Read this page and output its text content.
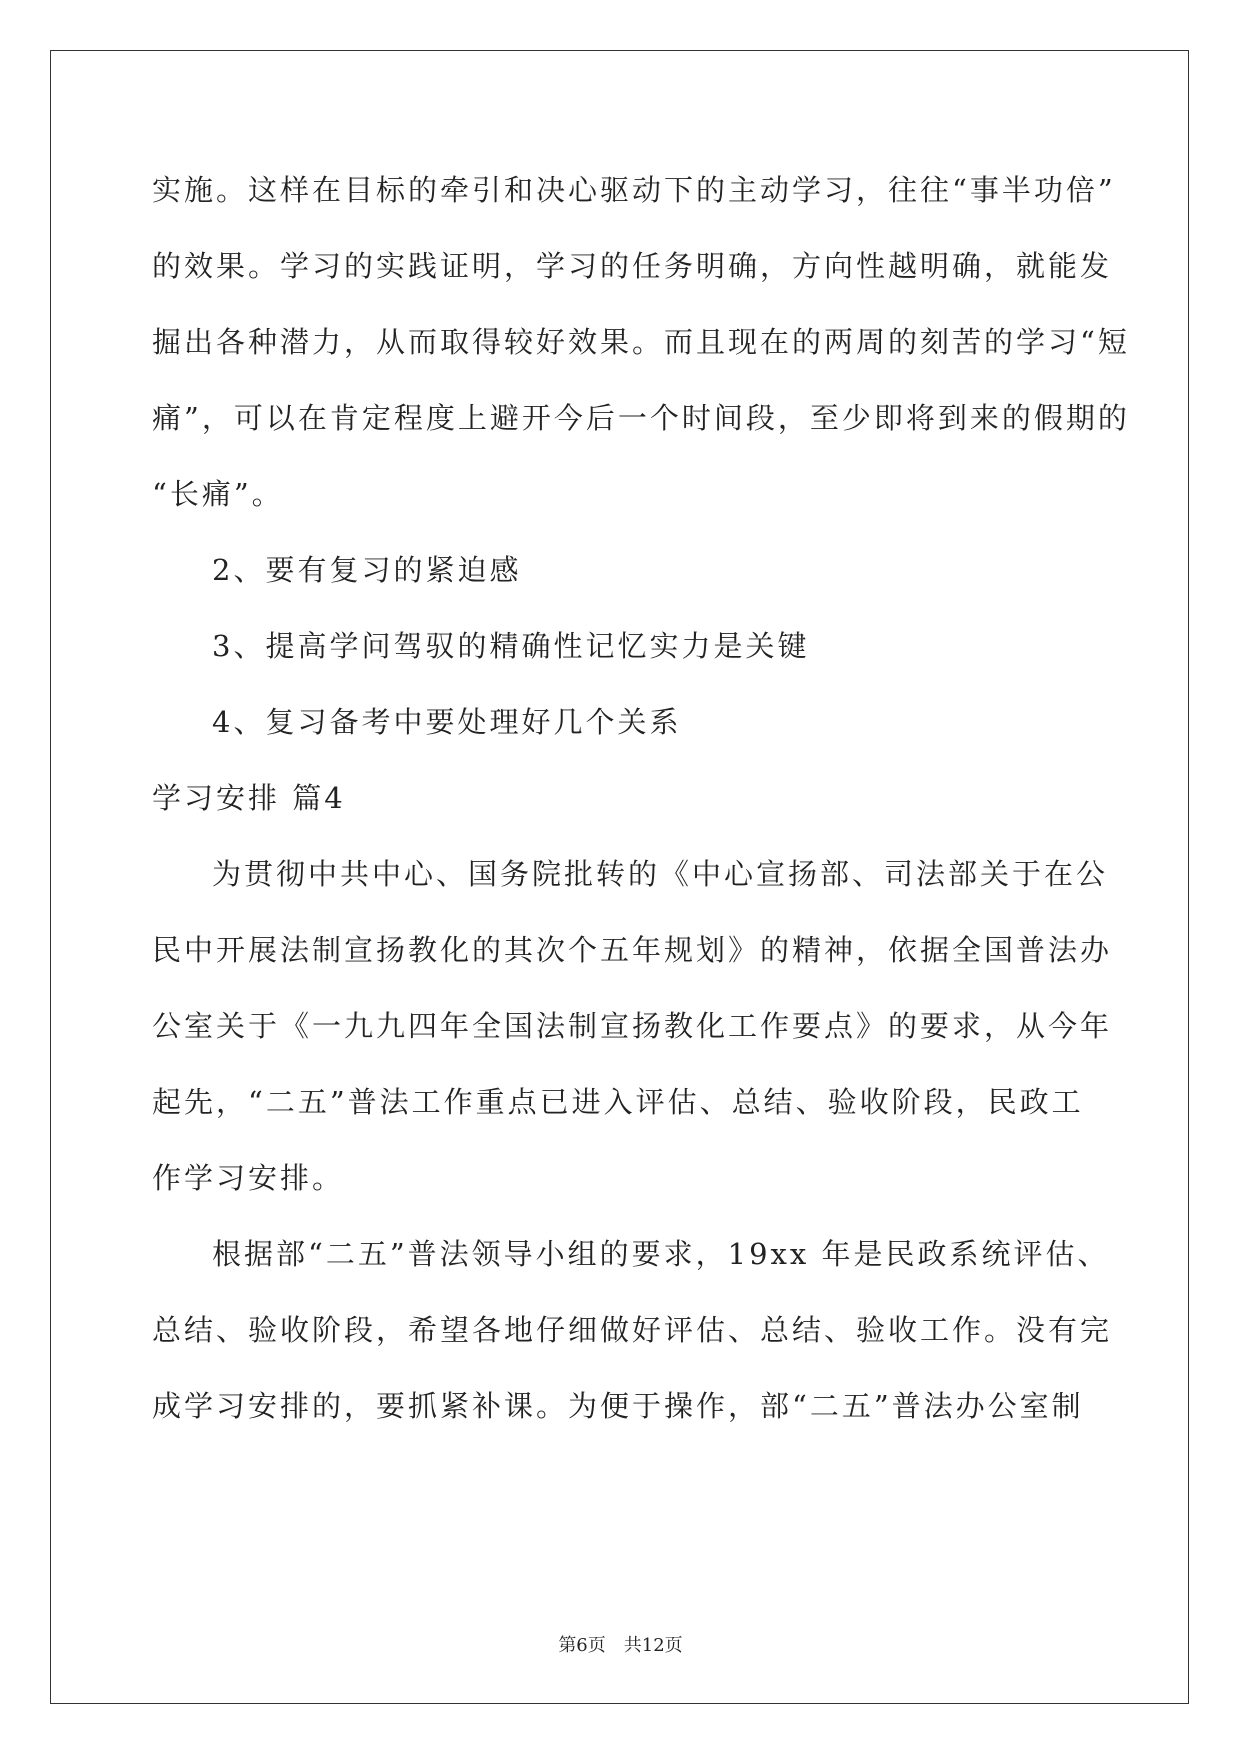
实施。这样在目标的牵引和决心驱动下的主动学习，往往“事半功倍”
的效果。学习的实践证明，学习的任务明确，方向性越明确，就能发
掘出各种潜力，从而取得较好效果。而且现在的两周的刻苦的学习“短
痛”，可以在肯定程度上避开今后一个时间段，至少即将到来的假期的
“长痛”。
2、要有复习的紧迫感
3、提高学问驾驭的精确性记忆实力是关键
4、复习备考中要处理好几个关系
学习安排 篇4
为贯彻中共中心、国务院批转的《中心宣扬部、司法部关于在公
民中开展法制宣扬教化的其次个五年规划》的精神，依据全国普法办
公室关于《一九九四年全国法制宣扬教化工作要点》的要求，从今年
起先，“二五”普法工作重点已进入评估、总结、验收阶段，民政工
作学习安排。
根据部“二五”普法领导小组的要求，19xx 年是民政系统评估、
总结、验收阶段，希望各地仔细做好评估、总结、验收工作。没有完
成学习安排的，要抓紧补课。为便于操作，部“二五”普法办公室制
第6页　共12页
